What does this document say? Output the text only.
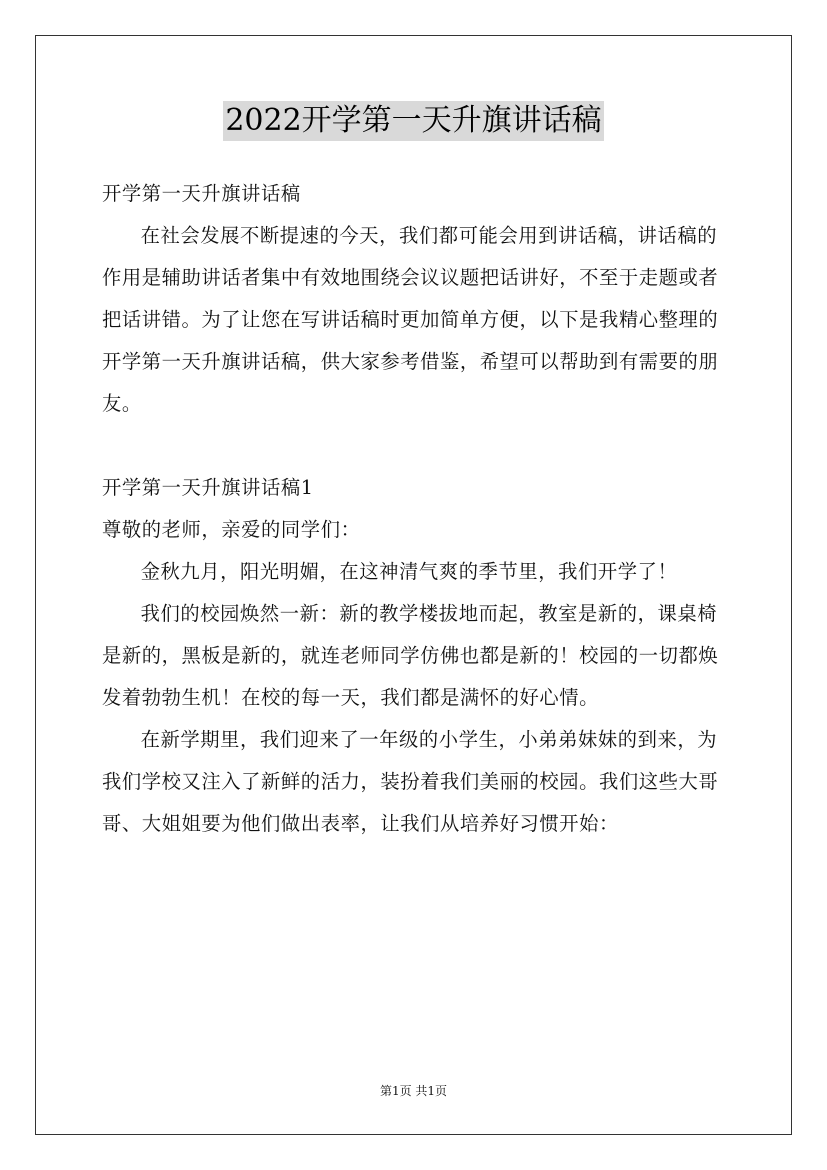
2022开学第一天升旗讲话稿

开学第一天升旗讲话稿

在社会发展不断提速的今天，我们都可能会用到讲话稿，讲话稿的作用是辅助讲话者集中有效地围绕会议议题把话讲好，不至于走题或者把话讲错。为了让您在写讲话稿时更加简单方便，以下是我精心整理的开学第一天升旗讲话稿，供大家参考借鉴，希望可以帮助到有需要的朋友。

开学第一天升旗讲话稿1

尊敬的老师，亲爱的同学们：

金秋九月，阳光明媚，在这神清气爽的季节里，我们开学了！

我们的校园焕然一新：新的教学楼拔地而起，教室是新的，课桌椅是新的，黑板是新的，就连老师同学仿佛也都是新的！校园的一切都焕发着勃勃生机！在校的每一天，我们都是满怀的好心情。

在新学期里，我们迎来了一年级的小学生，小弟弟妹妹的到来，为我们学校又注入了新鲜的活力，装扮着我们美丽的校园。我们这些大哥哥、大姐姐要为他们做出表率，让我们从培养好习惯开始：

第1页 共1页
